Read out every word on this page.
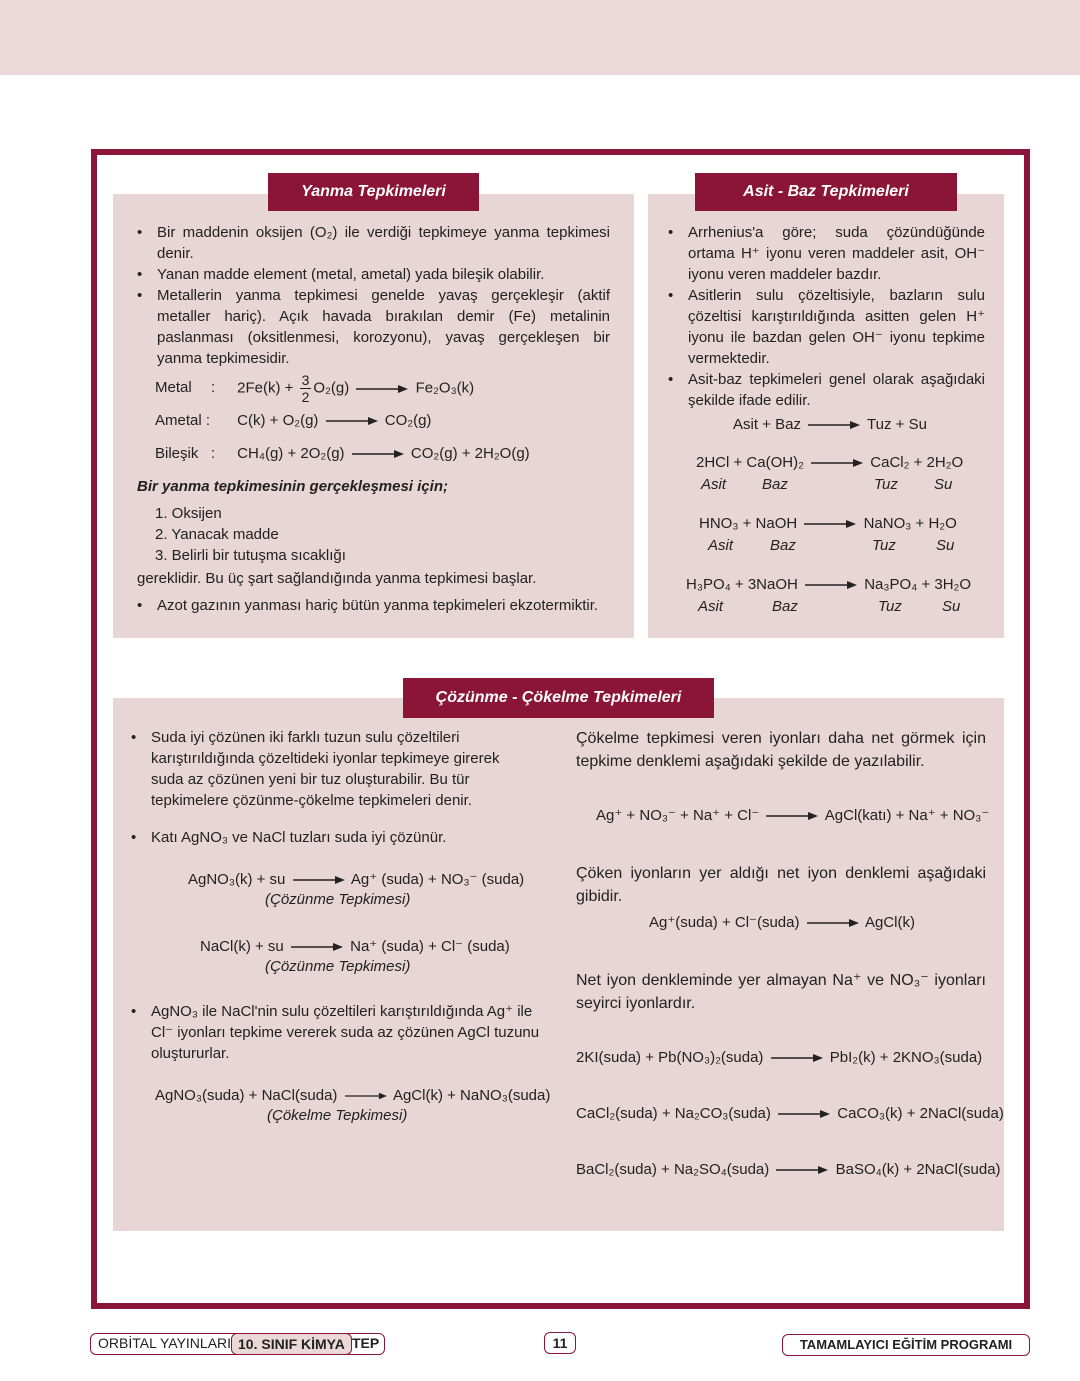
Yanma Tepkimeleri
• Bir maddenin oksijen (O₂) ile verdiği tepkimeye yanma tepkimesi denir.
• Yanan madde element (metal, ametal) yada bileşik olabilir.
• Metallerin yanma tepkimesi genelde yavaş gerçekleşir (aktif metaller hariç). Açık havada bırakılan demir (Fe) metalinin paslanması (oksitlenmesi, korozyonu), yavaş gerçekleşen bir yanma tepkimesidir.
Metal : $2Fe(k) + \frac{3}{2} O_2(g)$	Fe₂O₃(k)
Ametal : C(k) + O₂(g)	CO₂(g)
Bileşik : CH₄(g) + 2O₂(g)	CO₂(g) + 2H₂O(g)
Bir yanma tepkimesinin gerçekleşmesi için;

1. Oksijen

2. Yanacak madde

3. Belirli bir tutuşma sıcaklığı

gereklidir. Bu üç şart sağlandığında yanma tepkimesi başlar.
• Azot gazının yanması hariç bütün yanma tepkimeleri ekzotermiktir.
Asit - Baz Tepkimeleri
• Arrhenius'a göre; suda çözündüğünde ortama H⁺ iyonu veren maddeler asit, OH⁻ iyonu veren maddeler bazdır.
• Asitlerin sulu çözeltisiyle, bazların sulu çözeltisi karıştırıldığında asitten gelen H⁺ iyonu ile bazdan gelen OH⁻ iyonu tepkime vermektedir.
• Asit-baz tepkimeleri genel olarak aşağıdaki şekilde ifade edilir.
Asit + Baz	Tuz + Su
2HCl + Ca(OH)₂	CaCl₂ + 2H₂O
Asit Baz	Tuz Su
HNO₃ + NaOH	NaNO₃ + H₂O
Asit Baz	Tuz	Su
H₃PO₄ + 3NaOH	Na₃PO₄ + 3H₂O
Asit	Baz	Tuz	Su
Çözünme - Çökelme Tepkimeleri
• Suda iyi çözünen iki farklı tuzun sulu çözeltileri karıştırıldığında çözeltideki iyonlar tepkimeye girerek suda az çözünen yeni bir tuz oluşturabilir. Bu tür tepkimelere çözünme-çökelme tepkimeleri denir.
• Katı AgNO₃ ve NaCl tuzları suda iyi çözünür.
AgNO₃(k) + su	Ag⁺ (suda) + NO₃⁻ (suda)
(Çözünme Tepkimesi)
NaCl(k) + su	Na⁺ (suda) + Cl⁻ (suda)
(Çözünme Tepkimesi)
• AgNO₃ ile NaCl'nin sulu çözeltileri karıştırıldığında Ag⁺ ile Cl⁻ iyonları tepkime vererek suda az çözünen AgCl tuzunu oluştururlar.
AgNO₃(suda) + NaCl(suda)	AgCl(k) + NaNO₃(suda)
(Çökelme Tepkimesi)
Çökelme tepkimesi veren iyonları daha net görmek için tepkime denklemi aşağıdaki şekilde de yazılabilir.
Ag⁺ + NO₃⁻ + Na⁺ + Cl⁻	AgCl(katı) + Na⁺ + NO₃⁻
Çöken iyonların yer aldığı net iyon denklemi aşağıdaki gibidir.
Ag⁺(suda) + Cl⁻(suda)	AgCl(k)
Net iyon denkleminde yer almayan Na⁺ ve NO₃⁻ iyonları seyirci iyonlardır.
2KI(suda) + Pb(NO₃)₂(suda)	PbI₂(k) + 2KNO₃(suda)
CaCl₂(suda) + Na₂CO₃(suda)	CaCO₃(k) + 2NaCl(suda)
BaCl₂(suda) + Na₂SO₄(suda)	BaSO₄(k) + 2NaCl(suda)
ORBİTAL YAYINLARI 10. SINIF KİMYA TEP	11	TAMAMLAYICI EĞİTİM PROGRAMI
